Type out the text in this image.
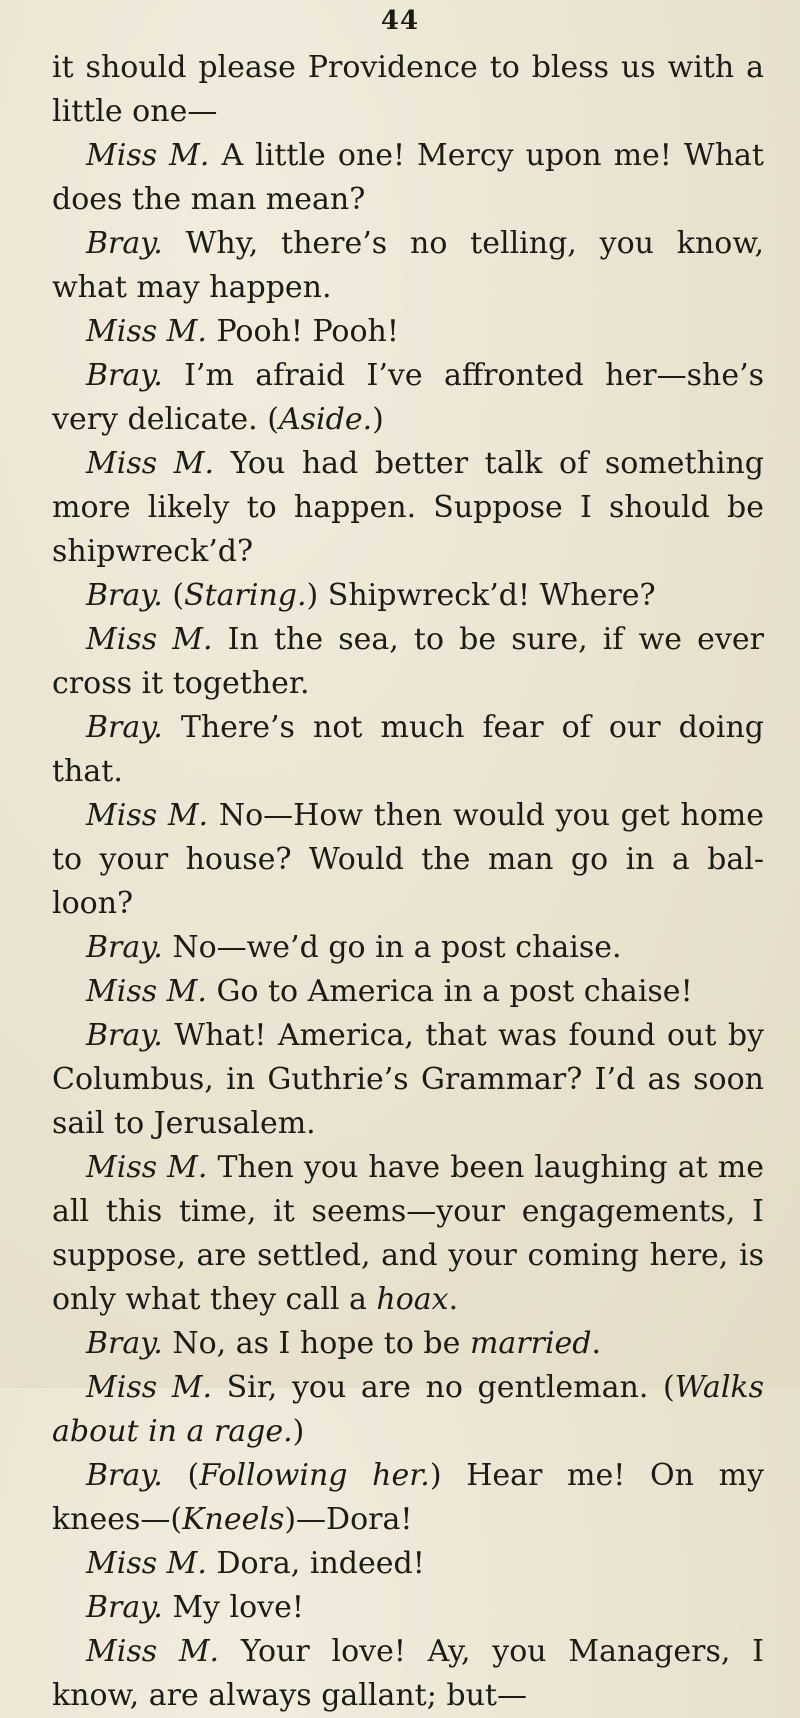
44

it should please Providence to bless us with a little one—

Miss M. A little one! Mercy upon me! What does the man mean?

Bray. Why, there’s no telling, you know, what may happen.

Miss M. Pooh! Pooh!

Bray. I’m afraid I’ve affronted her—she’s very delicate. (Aside.)

Miss M. You had better talk of something more likely to happen. Suppose I should be shipwreck’d?

Bray. (Staring.) Shipwreck’d! Where?

Miss M. In the sea, to be sure, if we ever cross it together.

Bray. There’s not much fear of our doing that.

Miss M. No—How then would you get home to your house? Would the man go in a bal-loon?

Bray. No—we’d go in a post chaise.

Miss M. Go to America in a post chaise!

Bray. What! America, that was found out by Columbus, in Guthrie’s Grammar? I’d as soon sail to Jerusalem.

Miss M. Then you have been laughing at me all this time, it seems—your engagements, I suppose, are settled, and your coming here, is only what they call a hoax.

Bray. No, as I hope to be married.

Miss M. Sir, you are no gentleman. (Walks about in a rage.)

Bray. (Following her.) Hear me! On my knees—(Kneels)—Dora!

Miss M. Dora, indeed!

Bray. My love!

Miss M. Your love! Ay, you Managers, I know, are always gallant; but—
